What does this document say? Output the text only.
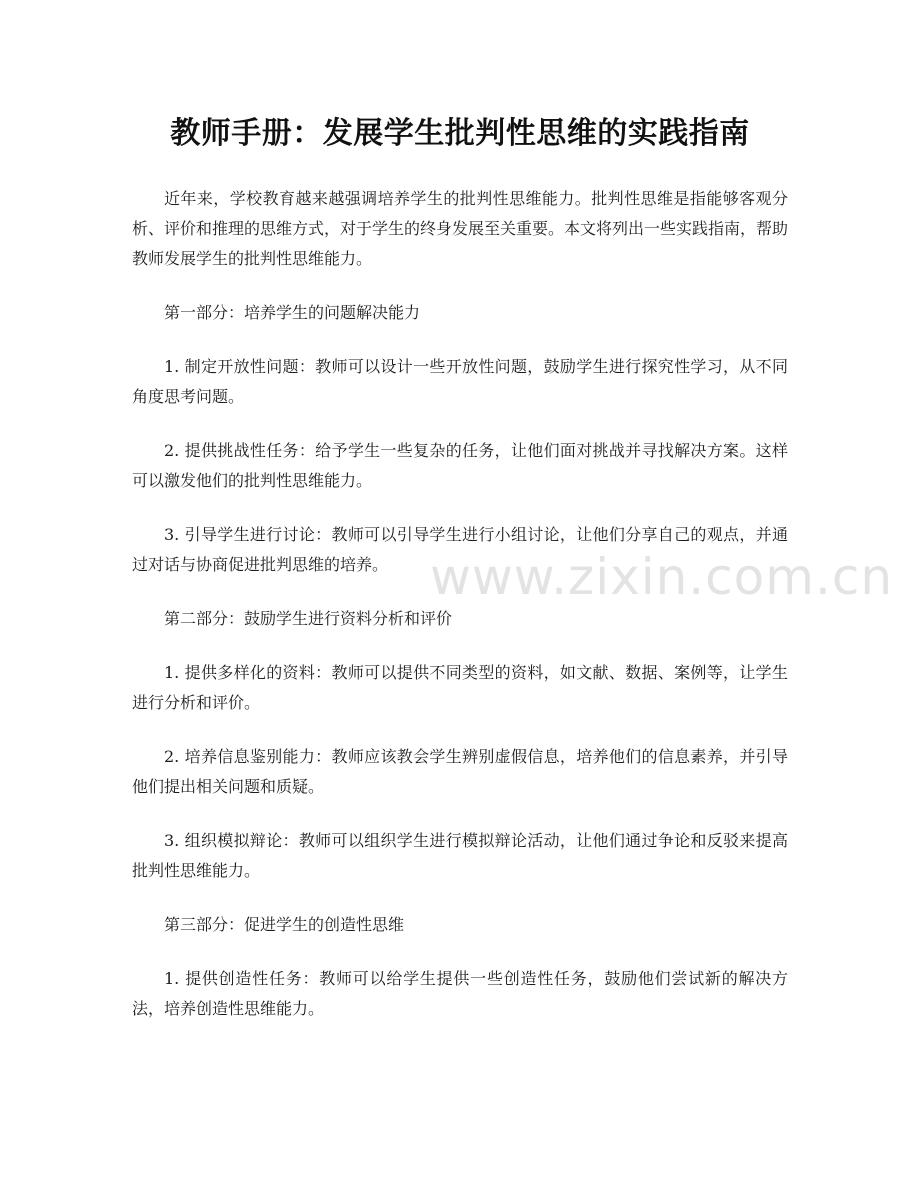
教师手册：发展学生批判性思维的实践指南
www.zixin.com.cn

近年来，学校教育越来越强调培养学生的批判性思维能力。批判性思维是指能够客观分析、评价和推理的思维方式，对于学生的终身发展至关重要。本文将列出一些实践指南，帮助教师发展学生的批判性思维能力。

第一部分：培养学生的问题解决能力

1. 制定开放性问题：教师可以设计一些开放性问题，鼓励学生进行探究性学习，从不同角度思考问题。

2. 提供挑战性任务：给予学生一些复杂的任务，让他们面对挑战并寻找解决方案。这样可以激发他们的批判性思维能力。

3. 引导学生进行讨论：教师可以引导学生进行小组讨论，让他们分享自己的观点，并通过对话与协商促进批判思维的培养。

第二部分：鼓励学生进行资料分析和评价

1. 提供多样化的资料：教师可以提供不同类型的资料，如文献、数据、案例等，让学生进行分析和评价。

2. 培养信息鉴别能力：教师应该教会学生辨别虚假信息，培养他们的信息素养，并引导他们提出相关问题和质疑。

3. 组织模拟辩论：教师可以组织学生进行模拟辩论活动，让他们通过争论和反驳来提高批判性思维能力。

第三部分：促进学生的创造性思维

1. 提供创造性任务：教师可以给学生提供一些创造性任务，鼓励他们尝试新的解决方法，培养创造性思维能力。
